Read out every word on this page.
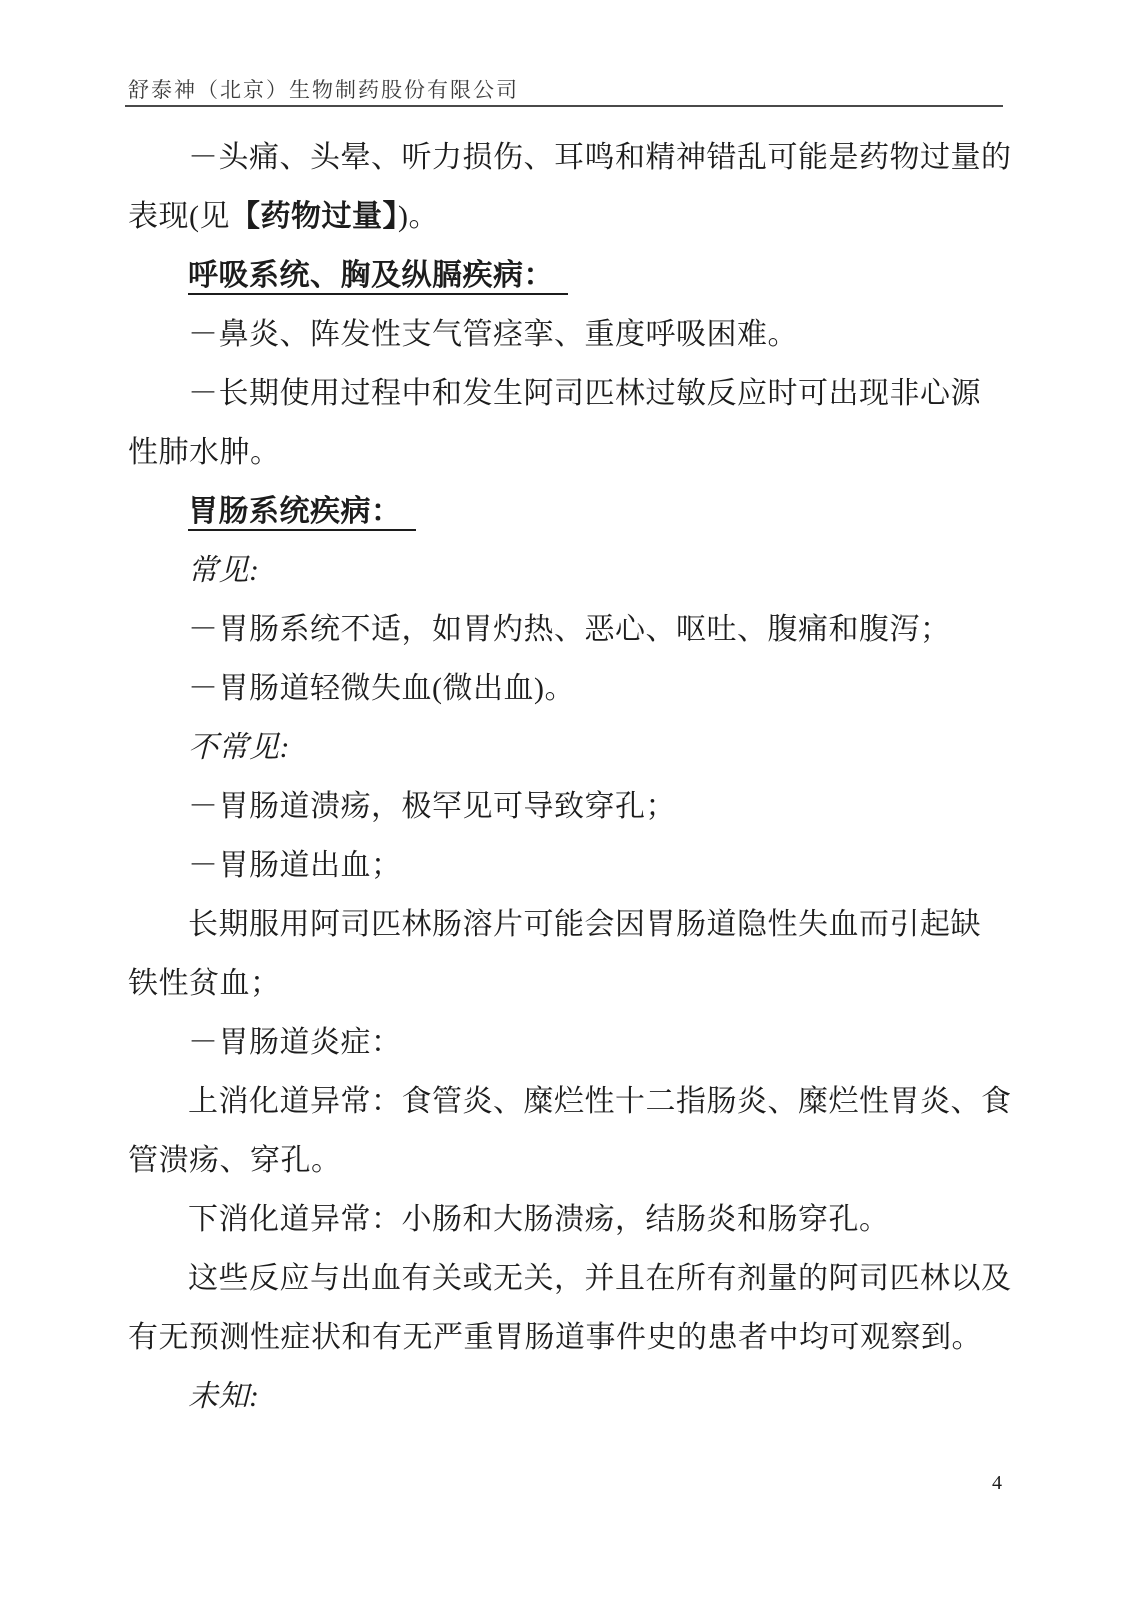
舒泰神（北京）生物制药股份有限公司
－头痛、头晕、听力损伤、耳鸣和精神错乱可能是药物过量的
表现(见【药物过量】)。
呼吸系统、胸及纵膈疾病：
－鼻炎、阵发性支气管痉挛、重度呼吸困难。
－长期使用过程中和发生阿司匹林过敏反应时可出现非心源
性肺水肿。
胃肠系统疾病：
常见:
－胃肠系统不适，如胃灼热、恶心、呕吐、腹痛和腹泻；
－胃肠道轻微失血(微出血)。
不常见:
－胃肠道溃疡，极罕见可导致穿孔；
－胃肠道出血；
长期服用阿司匹林肠溶片可能会因胃肠道隐性失血而引起缺
铁性贫血；
－胃肠道炎症：
上消化道异常：食管炎、糜烂性十二指肠炎、糜烂性胃炎、食
管溃疡、穿孔。
下消化道异常：小肠和大肠溃疡，结肠炎和肠穿孔。
这些反应与出血有关或无关，并且在所有剂量的阿司匹林以及
有无预测性症状和有无严重胃肠道事件史的患者中均可观察到。
未知:
4
